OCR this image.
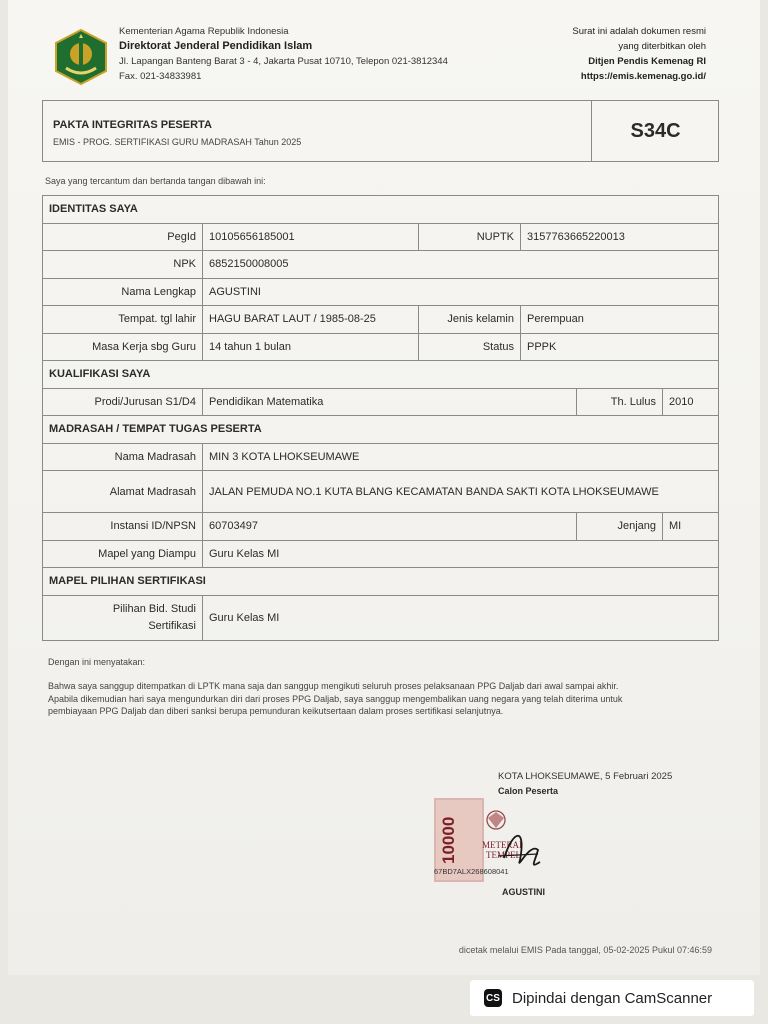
Kementerian Agama Republik Indonesia
Direktorat Jenderal Pendidikan Islam
Jl. Lapangan Banteng Barat 3 - 4, Jakarta Pusat 10710, Telepon 021-3812344
Fax. 021-34833981
Surat ini adalah dokumen resmi
yang diterbitkan oleh
Ditjen Pendis Kemenag RI
https://emis.kemenag.go.id/
PAKTA INTEGRITAS PESERTA
EMIS - PROG. SERTIFIKASI GURU MADRASAH Tahun 2025
S34C
Saya yang tercantum dan bertanda tangan dibawah ini:
IDENTITAS SAYA					
PegId	10105656185001	NUPTK	3157763665220013		
NPK	6852150008005				
Nama Lengkap	AGUSTINI				
Tempat. tgl lahir	HAGU BARAT LAUT / 1985-08-25	Jenis kelamin	Perempuan		
Masa Kerja sbg Guru	14 tahun 1 bulan	Status	PPPK		
KUALIFIKASI SAYA					
Prodi/Jurusan S1/D4	Pendidikan Matematika			Th. Lulus	2010
MADRASAH / TEMPAT TUGAS PESERTA					
Nama Madrasah	MIN 3 KOTA LHOKSEUMAWE				
Alamat Madrasah	JALAN PEMUDA NO.1 KUTA BLANG KECAMATAN BANDA SAKTI KOTA LHOKSEUMAWE				
Instansi ID/NPSN	60703497			Jenjang	MI
Mapel yang Diampu	Guru Kelas MI				
MAPEL PILIHAN SERTIFIKASI					

Pilihan Bid. Studi
Sertifikasi	Guru Kelas MI				
Dengan ini menyatakan:
Bahwa saya sanggup ditempatkan di LPTK mana saja dan sanggup mengikuti seluruh proses pelaksanaan PPG Daljab dari awal sampai akhir.
Apabila dikemudian hari saya mengundurkan diri dari proses PPG Daljab, saya sanggup mengembalikan uang negara yang telah diterima untuk
pembiayaan PPG Daljab dan diberi sanksi berupa pemunduran keikutsertaan dalam proses sertifikasi selanjutnya.
KOTA LHOKSEUMAWE, 5 Februari 2025
Calon Peserta
10000	METERAI
TEMPEL
67BD7ALX268608041
AGUSTINI
dicetak melalui EMIS Pada tanggal, 05-02-2025 Pukul 07:46:59
CS Dipindai dengan CamScanner
